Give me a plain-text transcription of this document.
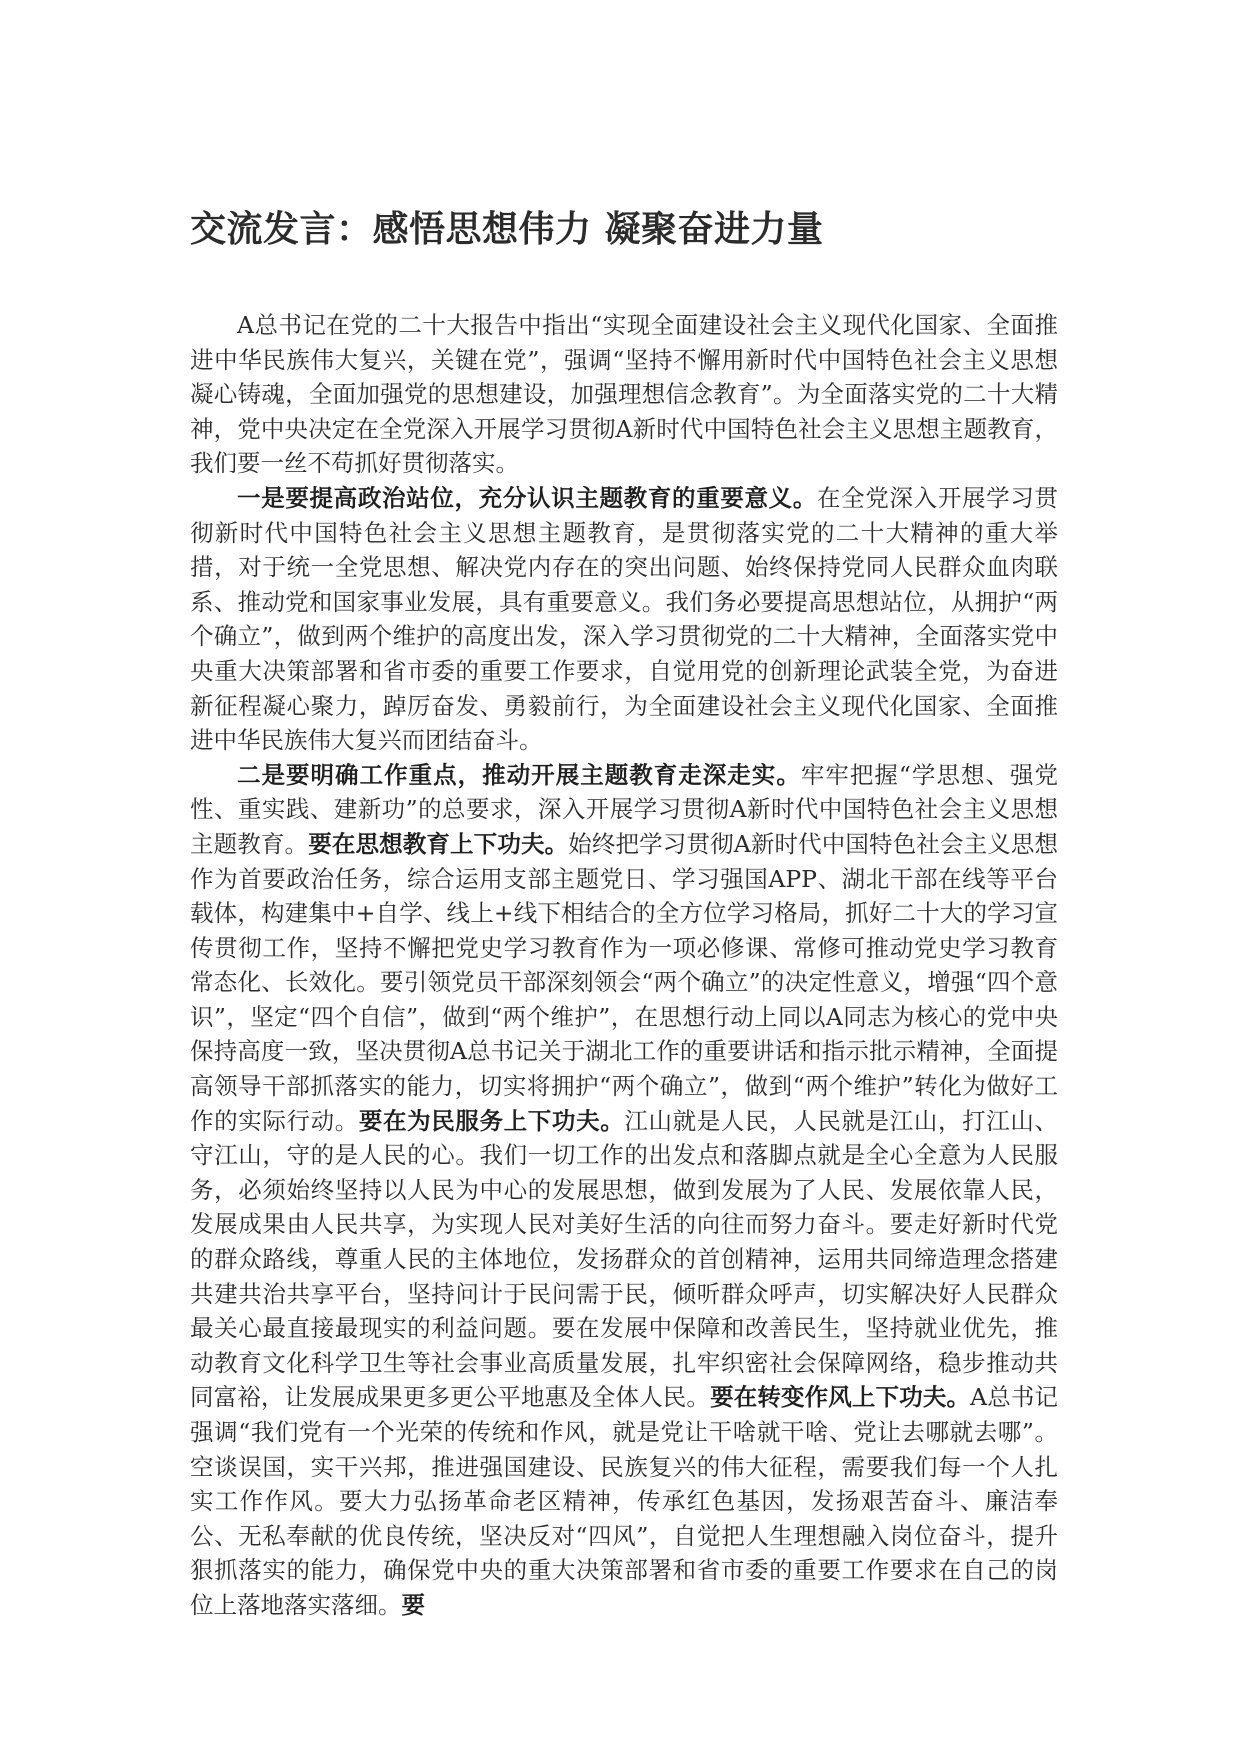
交流发言：感悟思想伟力 凝聚奋进力量

A总书记在党的二十大报告中指出“实现全面建设社会主义现代化国家、全面推进中华民族伟大复兴，关键在党”，强调“坚持不懈用新时代中国特色社会主义思想凝心铸魂，全面加强党的思想建设，加强理想信念教育”。为全面落实党的二十大精神，党中央决定在全党深入开展学习贯彻A新时代中国特色社会主义思想主题教育，我们要一丝不苟抓好贯彻落实。

一是要提高政治站位，充分认识主题教育的重要意义。在全党深入开展学习贯彻新时代中国特色社会主义思想主题教育，是贯彻落实党的二十大精神的重大举措，对于统一全党思想、解决党内存在的突出问题、始终保持党同人民群众血肉联系、推动党和国家事业发展，具有重要意义。我们务必要提高思想站位，从拥护“两个确立”，做到两个维护的高度出发，深入学习贯彻党的二十大精神，全面落实党中央重大决策部署和省市委的重要工作要求，自觉用党的创新理论武装全党，为奋进新征程凝心聚力，踔厉奋发、勇毅前行，为全面建设社会主义现代化国家、全面推进中华民族伟大复兴而团结奋斗。

二是要明确工作重点，推动开展主题教育走深走实。牢牢把握“学思想、强党性、重实践、建新功”的总要求，深入开展学习贯彻A新时代中国特色社会主义思想主题教育。要在思想教育上下功夫。始终把学习贯彻A新时代中国特色社会主义思想作为首要政治任务，综合运用支部主题党日、学习强国APP、湖北干部在线等平台载体，构建集中+自学、线上+线下相结合的全方位学习格局，抓好二十大的学习宣传贯彻工作，坚持不懈把党史学习教育作为一项必修课、常修可推动党史学习教育常态化、长效化。要引领党员干部深刻领会“两个确立”的决定性意义，增强“四个意识”，坚定“四个自信”，做到“两个维护”，在思想行动上同以A同志为核心的党中央保持高度一致，坚决贯彻A总书记关于湖北工作的重要讲话和指示批示精神，全面提高领导干部抓落实的能力，切实将拥护“两个确立”，做到“两个维护”转化为做好工作的实际行动。要在为民服务上下功夫。江山就是人民，人民就是江山，打江山、守江山，守的是人民的心。我们一切工作的出发点和落脚点就是全心全意为人民服务，必须始终坚持以人民为中心的发展思想，做到发展为了人民、发展依靠人民，发展成果由人民共享，为实现人民对美好生活的向往而努力奋斗。要走好新时代党的群众路线，尊重人民的主体地位，发扬群众的首创精神，运用共同缔造理念搭建共建共治共享平台，坚持问计于民问需于民，倾听群众呼声，切实解决好人民群众最关心最直接最现实的利益问题。要在发展中保障和改善民生，坚持就业优先，推动教育文化科学卫生等社会事业高质量发展，扎牢织密社会保障网络，稳步推动共同富裕，让发展成果更多更公平地惠及全体人民。要在转变作风上下功夫。A总书记强调“我们党有一个光荣的传统和作风，就是党让干啥就干啥、党让去哪就去哪”。空谈误国，实干兴邦，推进强国建设、民族复兴的伟大征程，需要我们每一个人扎实工作作风。要大力弘扬革命老区精神，传承红色基因，发扬艰苦奋斗、廉洁奉公、无私奉献的优良传统，坚决反对“四风”，自觉把人生理想融入岗位奋斗，提升狠抓落实的能力，确保党中央的重大决策部署和省市委的重要工作要求在自己的岗位上落地落实落细。要
